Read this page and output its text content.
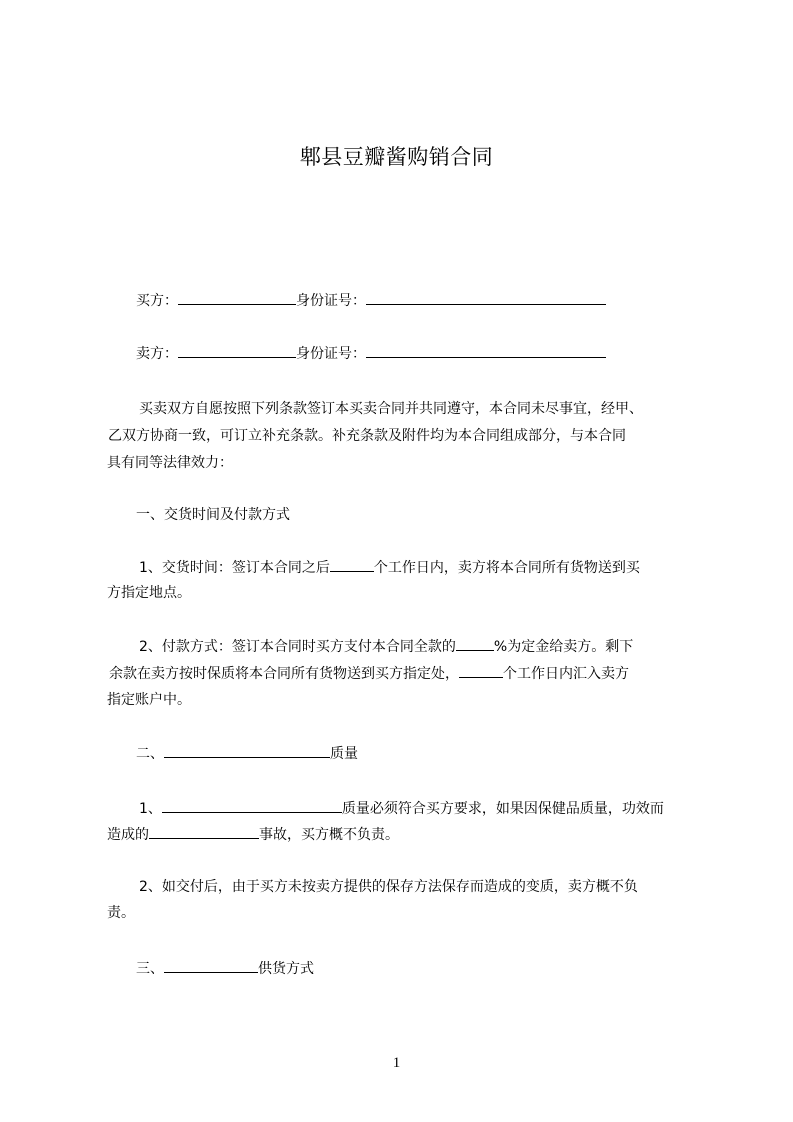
郫县豆瓣酱购销合同
买方：	身份证号：
卖方：	身份证号：
买卖双方自愿按照下列条款签订本买卖合同并共同遵守，本合同未尽事宜，经甲、
乙双方协商一致，可订立补充条款。补充条款及附件均为本合同组成部分，与本合同
具有同等法律效力：
一、交货时间及付款方式
1、交货时间：签订本合同之后	个工作日内，卖方将本合同所有货物送到买
方指定地点。
2、付款方式：签订本合同时买方支付本合同全款的	%为定金给卖方。剩下
余款在卖方按时保质将本合同所有货物送到买方指定处，	个工作日内汇入卖方
指定账户中。
二、	质量
1、	质量必须符合买方要求，如果因保健品质量，功效而
造成的	事故，买方概不负责。
2、如交付后，由于买方未按卖方提供的保存方法保存而造成的变质，卖方概不负
责。
三、	供货方式
1
